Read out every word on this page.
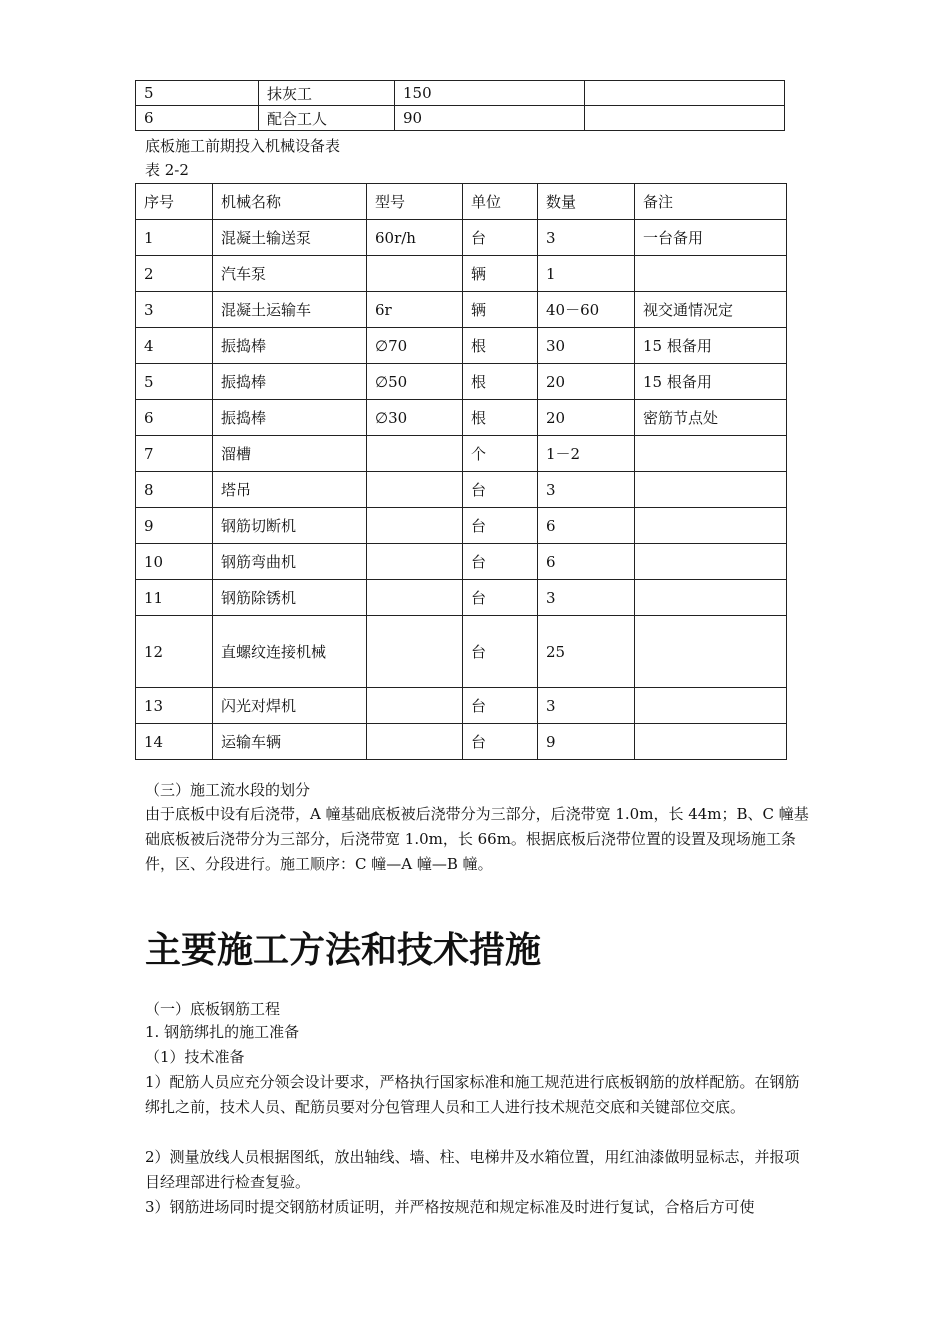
5	抹灰工	150	
6	配合工人	90	

底板施工前期投入机械设备表

表 2-2

序号	机械名称	型号	单位	数量	备注
1	混凝土输送泵	60r/h	台	3	一台备用
2	汽车泵		辆	1	
3	混凝土运输车	6r	辆	40－60	视交通情况定
4	振捣棒	∅70	根	30	15 根备用
5	振捣棒	∅50	根	20	15 根备用
6	振捣棒	∅30	根	20	密筋节点处
7	溜槽		个	1－2	
8	塔吊		台	3	
9	钢筋切断机		台	6	
10	钢筋弯曲机		台	6	
11	钢筋除锈机		台	3	
12	直螺纹连接机械		台	25	
13	闪光对焊机		台	3	
14	运输车辆		台	9	

（三）施工流水段的划分

由于底板中设有后浇带，A 幢基础底板被后浇带分为三部分，后浇带宽 1.0m，长 44m；B、C 幢基础底板被后浇带分为三部分，后浇带宽 1.0m，长 66m。根据底板后浇带位置的设置及现场施工条件，区、分段进行。施工顺序：C 幢—A 幢—B 幢。

主要施工方法和技术措施

（一）底板钢筋工程

1. 钢筋绑扎的施工准备

（1）技术准备

1）配筋人员应充分领会设计要求，严格执行国家标准和施工规范进行底板钢筋的放样配筋。在钢筋绑扎之前，技术人员、配筋员要对分包管理人员和工人进行技术规范交底和关键部位交底。

2）测量放线人员根据图纸，放出轴线、墙、柱、电梯井及水箱位置，用红油漆做明显标志，并报项目经理部进行检查复验。

3）钢筋进场同时提交钢筋材质证明，并严格按规范和规定标准及时进行复试，合格后方可使
